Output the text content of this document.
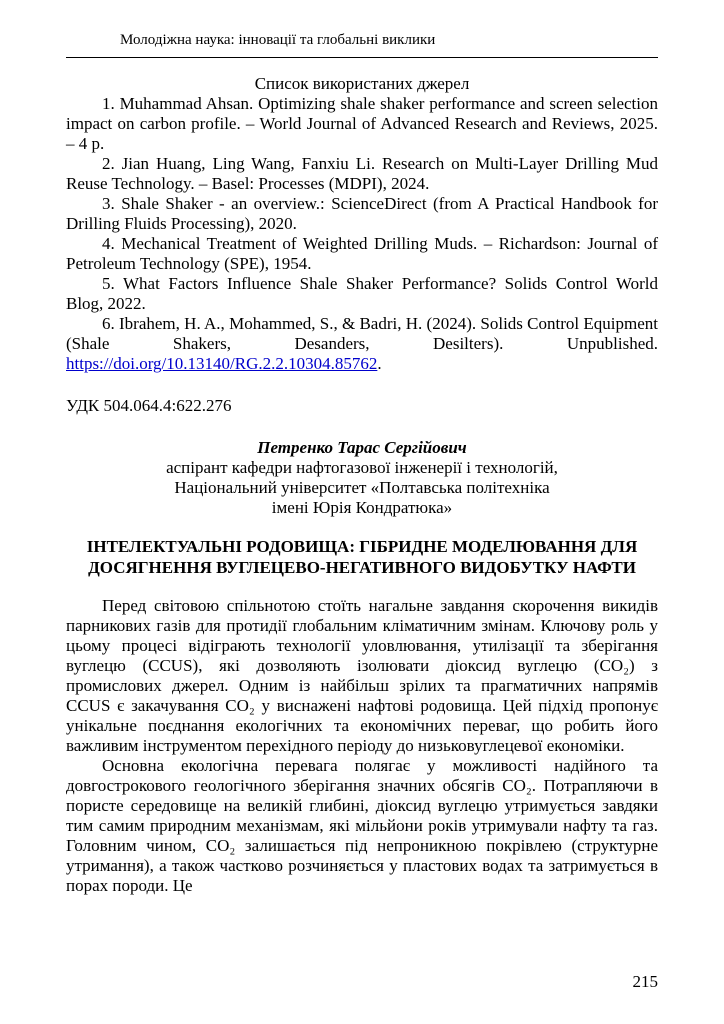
Молодіжна наука: інновації та глобальні виклики
Список використаних джерел

1. Muhammad Ahsan. Optimizing shale shaker performance and screen selection impact on carbon profile. – World Journal of Advanced Research and Reviews, 2025. – 4 p.

2. Jian Huang, Ling Wang, Fanxiu Li. Research on Multi-Layer Drilling Mud Reuse Technology. – Basel: Processes (MDPI), 2024.

3. Shale Shaker - an overview.: ScienceDirect (from A Practical Handbook for Drilling Fluids Processing), 2020.

4. Mechanical Treatment of Weighted Drilling Muds. – Richardson: Journal of Petroleum Technology (SPE), 1954.

5. What Factors Influence Shale Shaker Performance? Solids Control World Blog, 2022.

6. Ibrahem, H. A., Mohammed, S., & Badri, H. (2024). Solids Control Equipment (Shale Shakers, Desanders, Desilters). Unpublished. https://doi.org/10.13140/RG.2.2.10304.85762.

УДК 504.064.4:622.276
Петренко Тарас Сергійович
аспірант кафедри нафтогазової інженерії і технологій,
Національний університет «Полтавська політехніка
імені Юрія Кондратюка»
ІНТЕЛЕКТУАЛЬНІ РОДОВИЩА: ГІБРИДНЕ МОДЕЛЮВАННЯ ДЛЯ ДОСЯГНЕННЯ ВУГЛЕЦЕВО-НЕГАТИВНОГО ВИДОБУТКУ НАФТИ

Перед світовою спільнотою стоїть нагальне завдання скорочення викидів парникових газів для протидії глобальним кліматичним змінам. Ключову роль у цьому процесі відіграють технології уловлювання, утилізації та зберігання вуглецю (CCUS), які дозволяють ізолювати діоксид вуглецю (CO₂) з промислових джерел. Одним із найбільш зрілих та прагматичних напрямів CCUS є закачування CO₂ у виснажені нафтові родовища. Цей підхід пропонує унікальне поєднання екологічних та економічних переваг, що робить його важливим інструментом перехідного періоду до низьковуглецевої економіки.

Основна екологічна перевага полягає у можливості надійного та довгострокового геологічного зберігання значних обсягів CO₂. Потрапляючи в пористе середовище на великій глибині, діоксид вуглецю утримується завдяки тим самим природним механізмам, які мільйони років утримували нафту та газ. Головним чином, CO₂ залишається під непроникною покрівлею (структурне утримання), а також частково розчиняється у пластових водах та затримується в порах породи. Це

215
